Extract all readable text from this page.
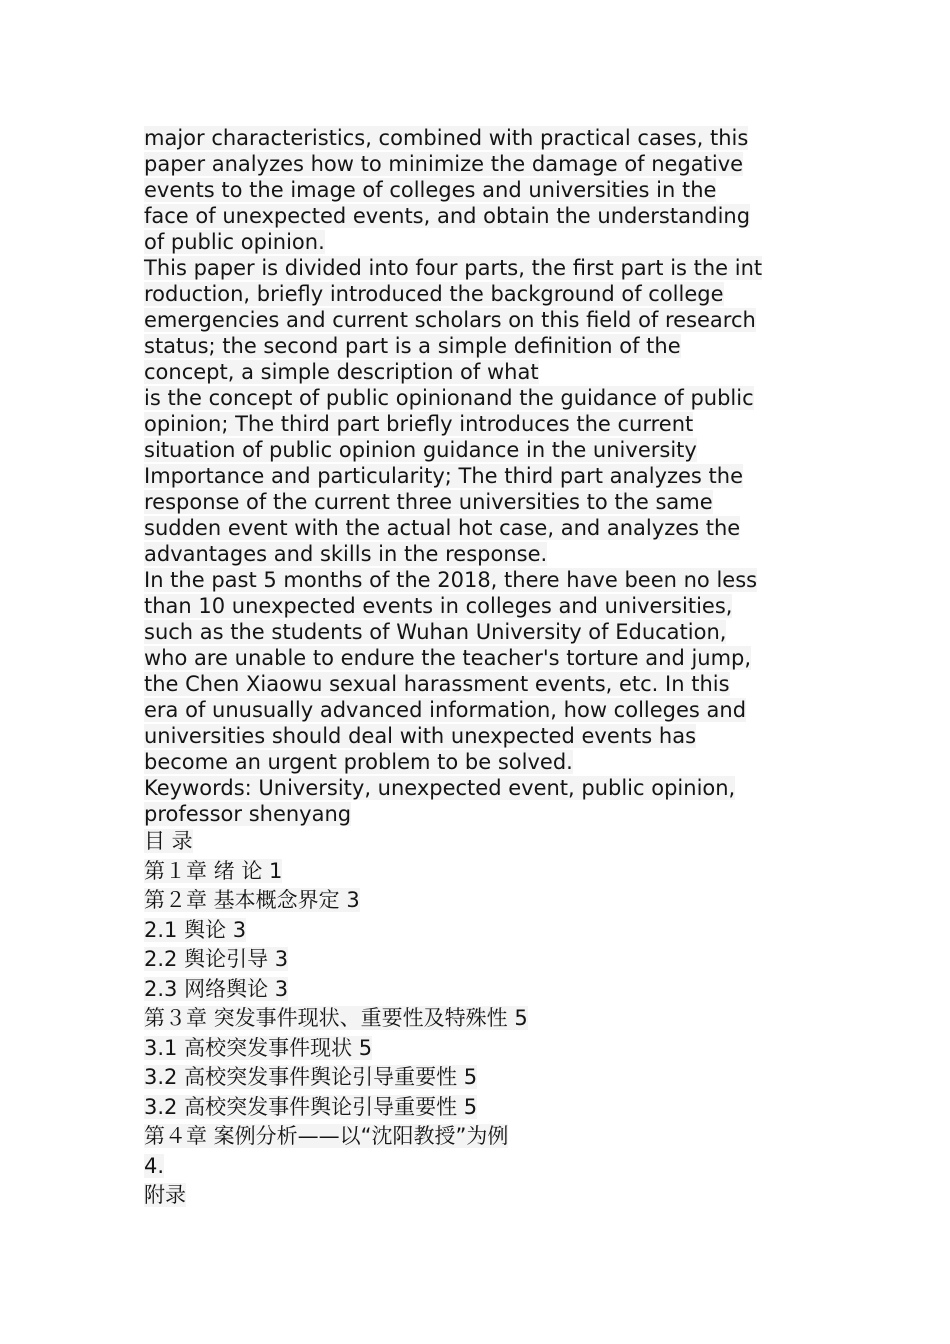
major characteristics, combined with practical cases, this
paper analyzes how to minimize the damage of negative
events to the image of colleges and universities in the
face of unexpected events, and obtain the understanding
of public opinion.
This paper is divided into four parts, the first part is the int
roduction, briefly introduced the background of college
emergencies and current scholars on this field of research
status; the second part is a simple definition of the
concept, a simple description of what
is the concept of public opinionand the guidance of public
opinion; The third part briefly introduces the current
situation of public opinion guidance in the university
Importance and particularity; The third part analyzes the
response of the current three universities to the same
sudden event with the actual hot case, and analyzes the
advantages and skills in the response.
In the past 5 months of the 2018, there have been no less
than 10 unexpected events in colleges and universities,
such as the students of Wuhan University of Education,
who are unable to endure the teacher's torture and jump,
the Chen Xiaowu sexual harassment events, etc. In this
era of unusually advanced information, how colleges and
universities should deal with unexpected events has
become an urgent problem to be solved.
Keywords: University, unexpected event, public opinion,
professor shenyang
目 录
第１章 绪 论 1
第２章 基本概念界定 3
2.1 舆论 3
2.2 舆论引导 3
2.3 网络舆论 3
第３章 突发事件现状、重要性及特殊性 5
3.1 高校突发事件现状 5
3.2 高校突发事件舆论引导重要性 5
3.2 高校突发事件舆论引导重要性 5
第４章 案例分析——以“沈阳教授”为例
4.
附录
